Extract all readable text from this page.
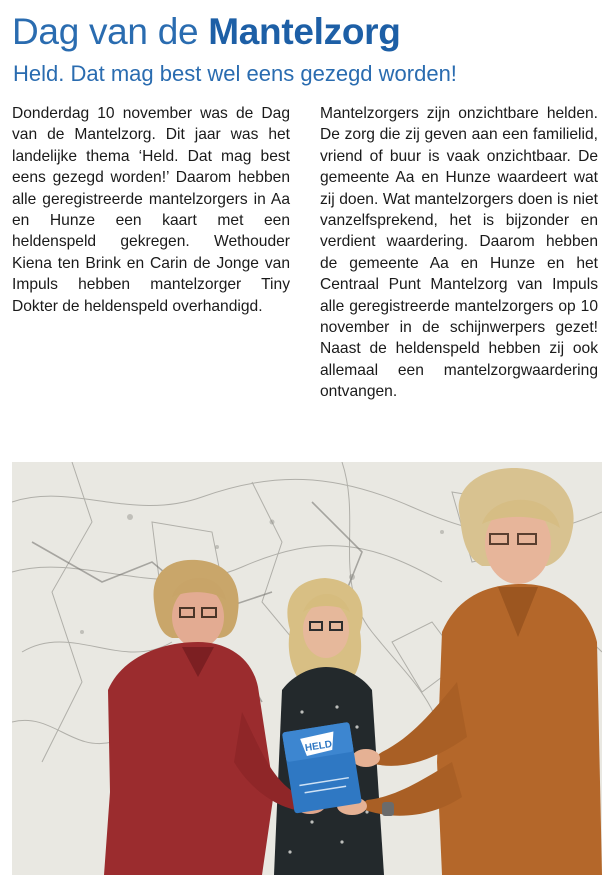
Dag van de Mantelzorg
Held. Dat mag best wel eens gezegd worden!
Donderdag 10 november was de Dag van de Mantelzorg. Dit jaar was het landelijke thema ‘Held. Dat mag best eens gezegd worden!’ Daarom hebben alle geregistreerde mantelzorgers in Aa en Hunze een kaart met een heldenspeld gekregen. Wethouder Kiena ten Brink en Carin de Jonge van Impuls hebben mantelzorger Tiny Dokter de heldenspeld overhandigd.
Mantelzorgers zijn onzichtbare helden. De zorg die zij geven aan een familielid, vriend of buur is vaak onzichtbaar. De gemeente Aa en Hunze waardeert wat zij doen. Wat mantelzorgers doen is niet vanzelfsprekend, het is bijzonder en verdient waardering. Daarom hebben de gemeente Aa en Hunze en het Centraal Punt Mantelzorg van Impuls alle geregistreerde mantelzorgers op 10 november in de schijnwerpers gezet! Naast de heldenspeld hebben zij ook allemaal een mantelzorgwaardering ontvangen.
HELD
